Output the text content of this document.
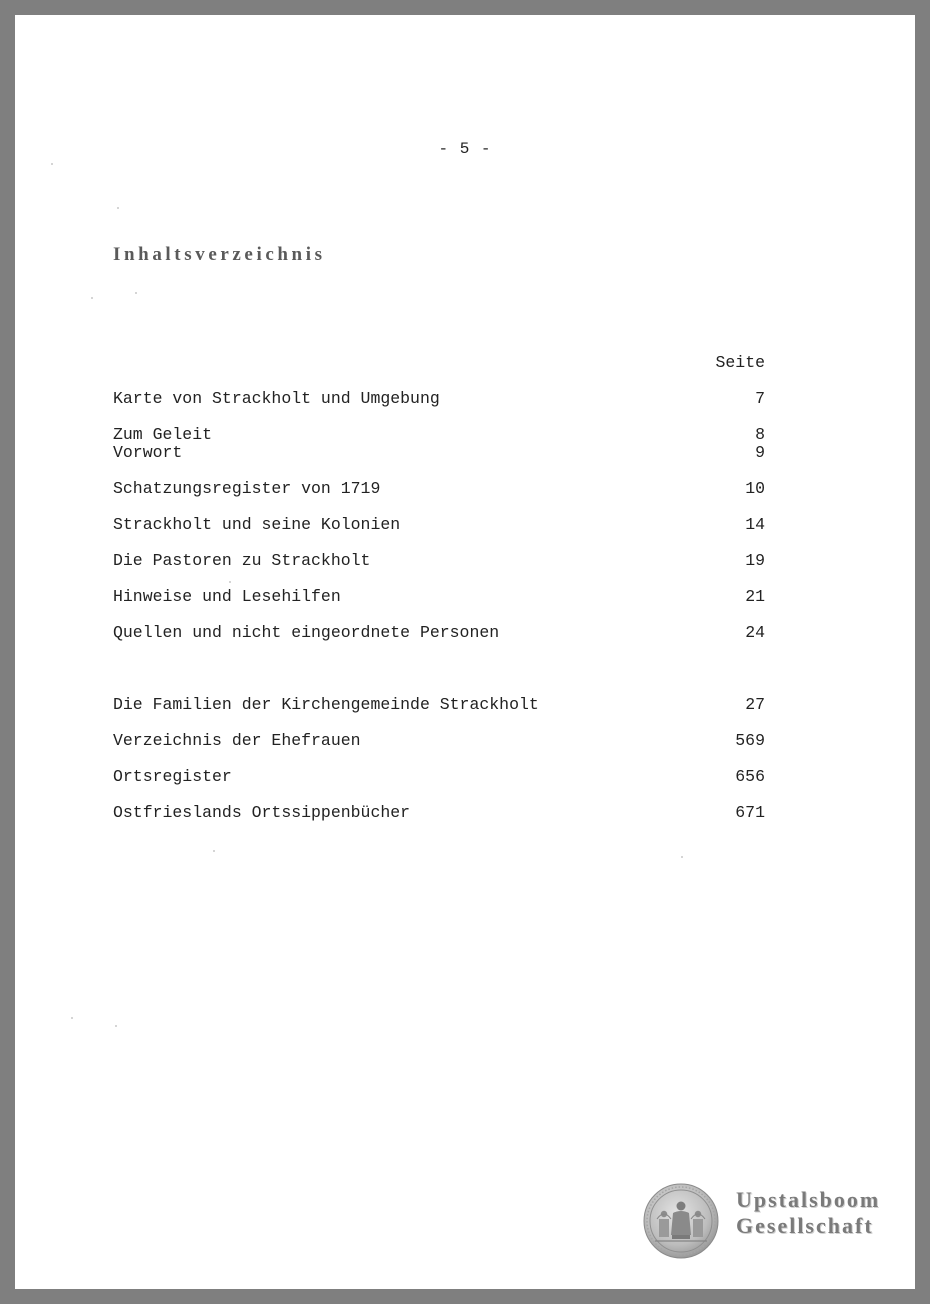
- 5 -
Inhaltsverzeichnis
Seite
Karte von Strackholt und Umgebung	7
Zum Geleit	8
Vorwort	9
Schatzungsregister von 1719	10
Strackholt und seine Kolonien	14
Die Pastoren zu Strackholt	19
Hinweise und Lesehilfen	21
Quellen und nicht eingeordnete Personen	24
Die Familien der Kirchengemeinde Strackholt	27
Verzeichnis der Ehefrauen	569
Ortsregister	656
Ostfrieslands Ortssippenbücher	671
Upstalsboom
Gesellschaft
